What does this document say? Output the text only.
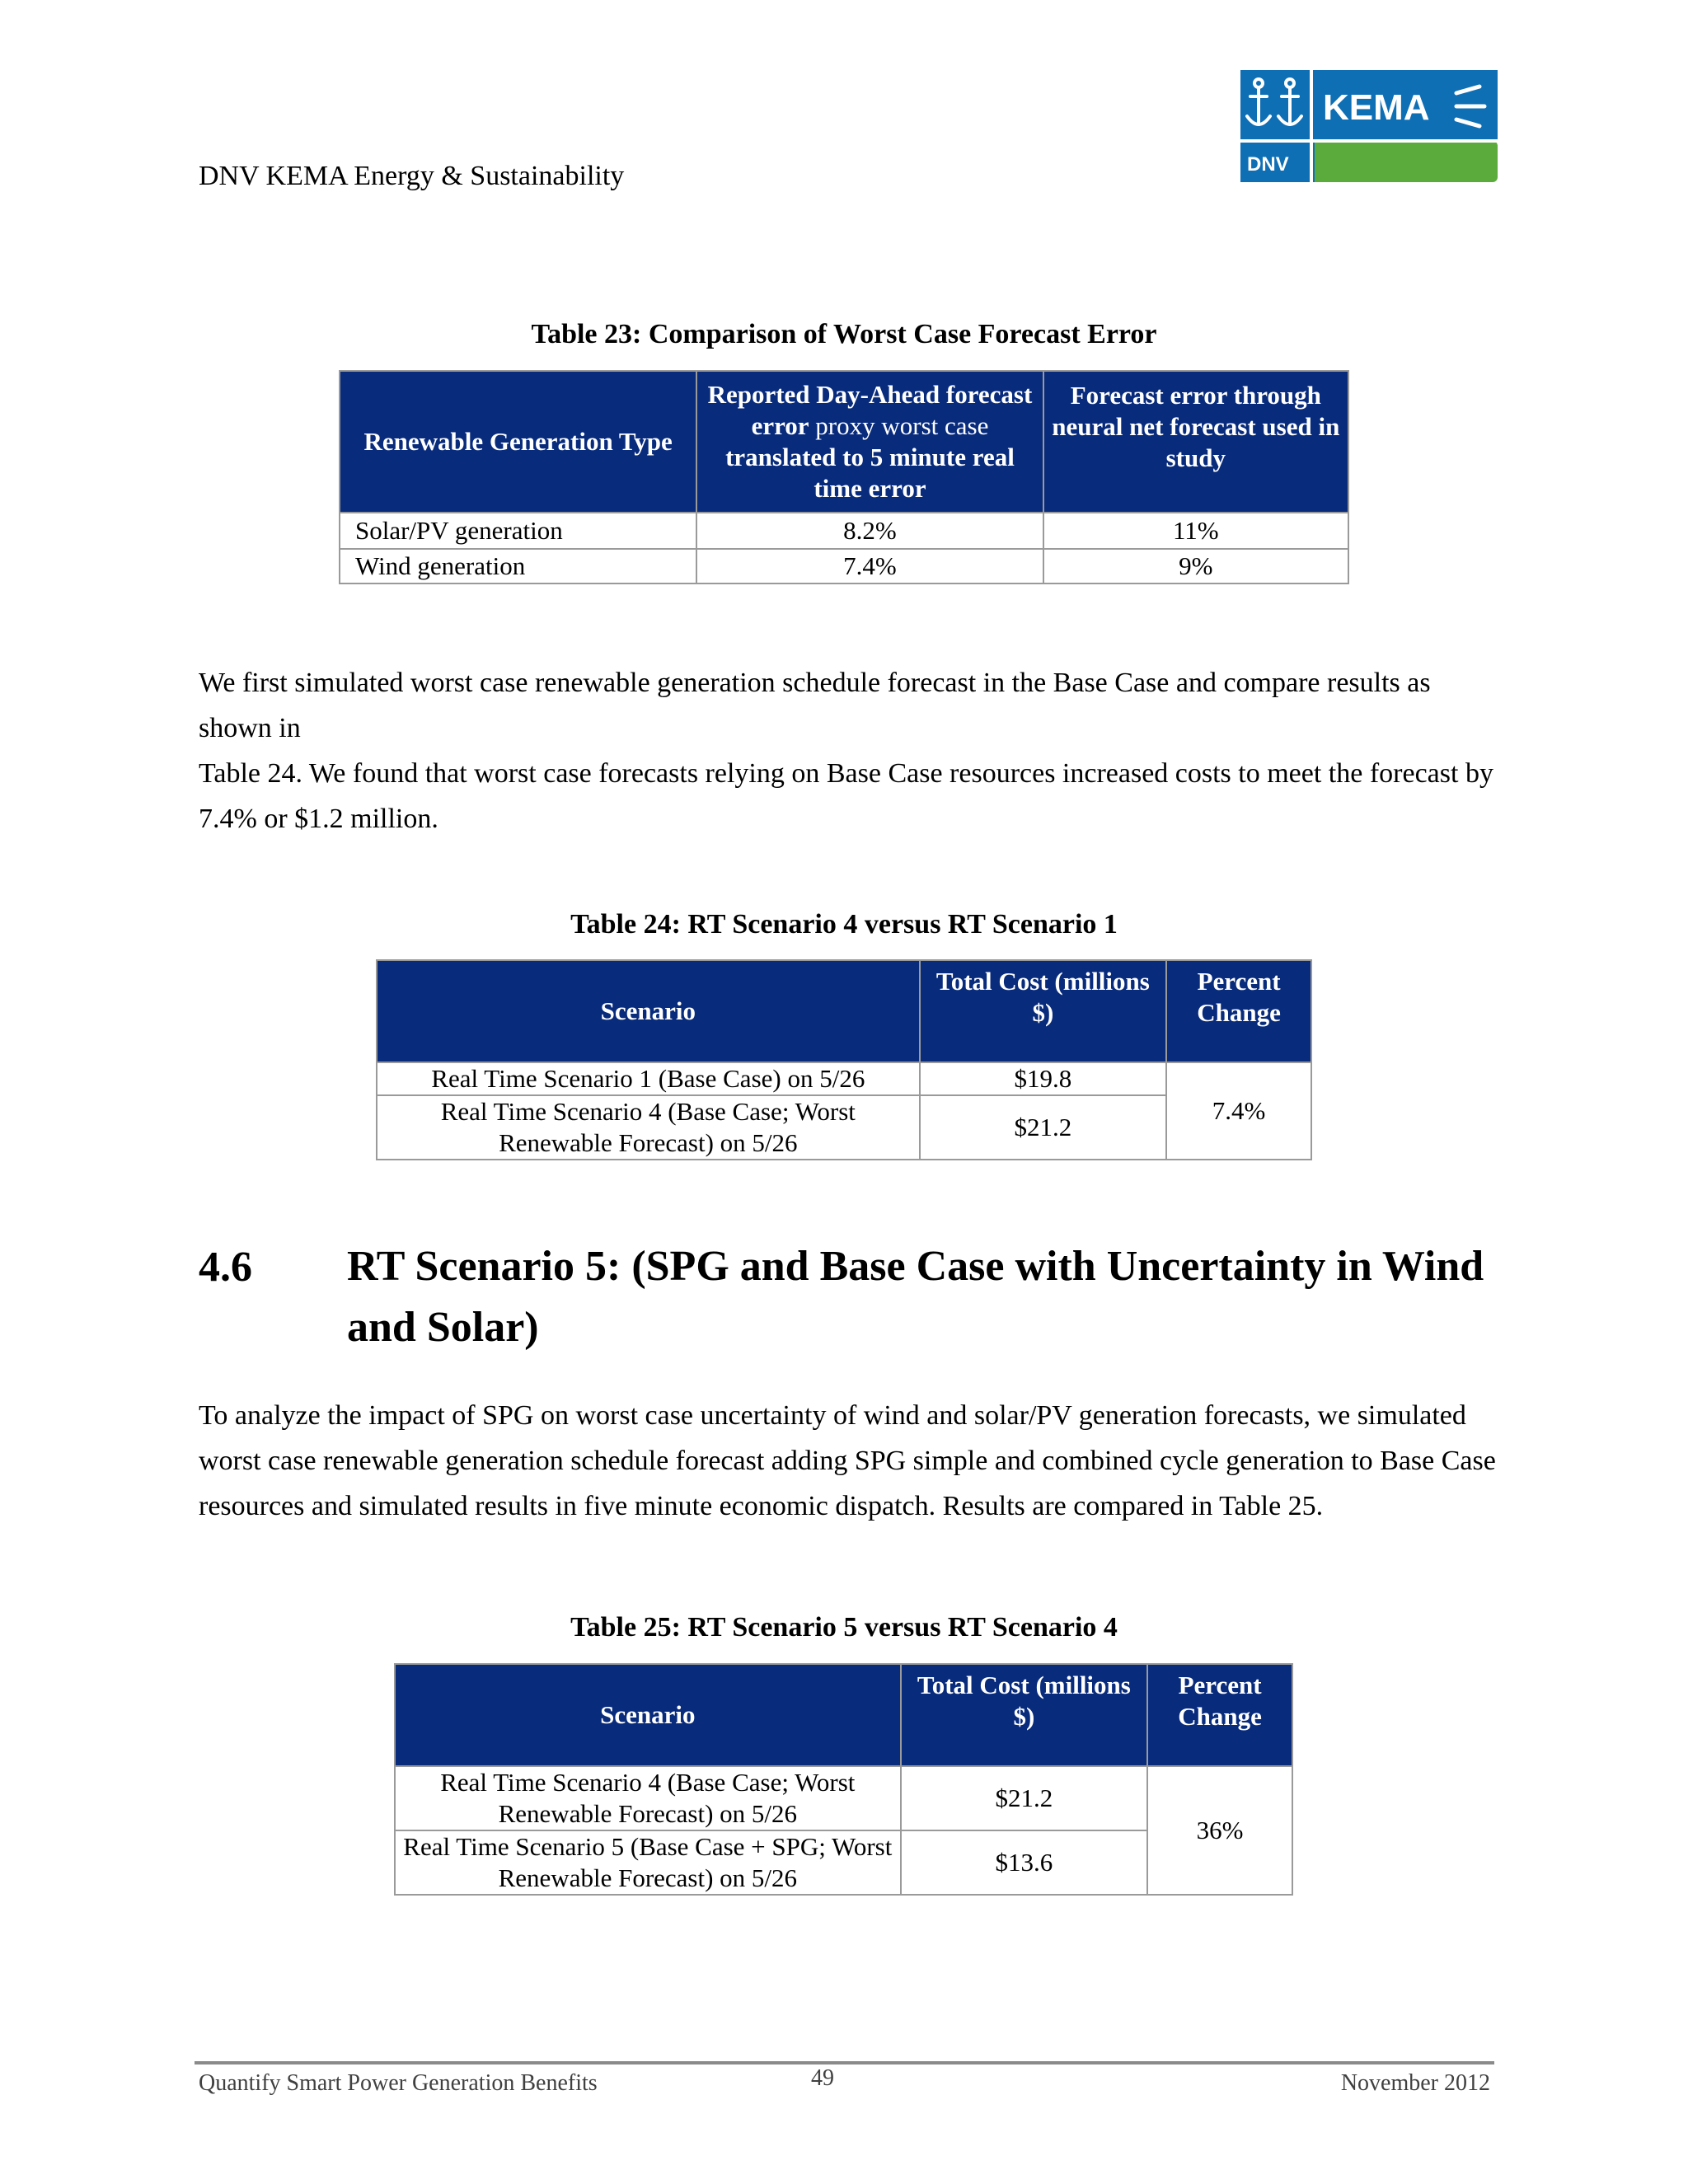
DNV KEMA Energy & Sustainability
KEMA
DNV
Table 23: Comparison of Worst Case Forecast Error
Renewable Generation Type	Reported Day-Ahead forecast error proxy worst case translated to 5 minute real time error	Forecast error through neural net forecast used in study
Solar/PV generation	8.2%	11%
Wind generation	7.4%	9%
We first simulated worst case renewable generation schedule forecast in the Base Case and compare results as shown in
Table 24. We found that worst case forecasts relying on Base Case resources increased costs to meet the forecast by 7.4% or $1.2 million.
Table 24: RT Scenario 4 versus RT Scenario 1
Scenario	Total Cost (millions $)	Percent Change
Real Time Scenario 1 (Base Case) on 5/26	$19.8	7.4%
Real Time Scenario 4 (Base Case; Worst Renewable Forecast) on 5/26	$21.2	
4.6 RT Scenario 5: (SPG and Base Case with Uncertainty in Wind and Solar)
To analyze the impact of SPG on worst case uncertainty of wind and solar/PV generation forecasts, we simulated worst case renewable generation schedule forecast adding SPG simple and combined cycle generation to Base Case resources and simulated results in five minute economic dispatch. Results are compared in Table 25.
Table 25: RT Scenario 5 versus RT Scenario 4
Scenario	Total Cost (millions $)	Percent Change
Real Time Scenario 4 (Base Case; Worst Renewable Forecast) on 5/26	$21.2	36%
Real Time Scenario 5 (Base Case + SPG; Worst Renewable Forecast) on 5/26	$13.6	
Quantify Smart Power Generation Benefits	49	November 2012
